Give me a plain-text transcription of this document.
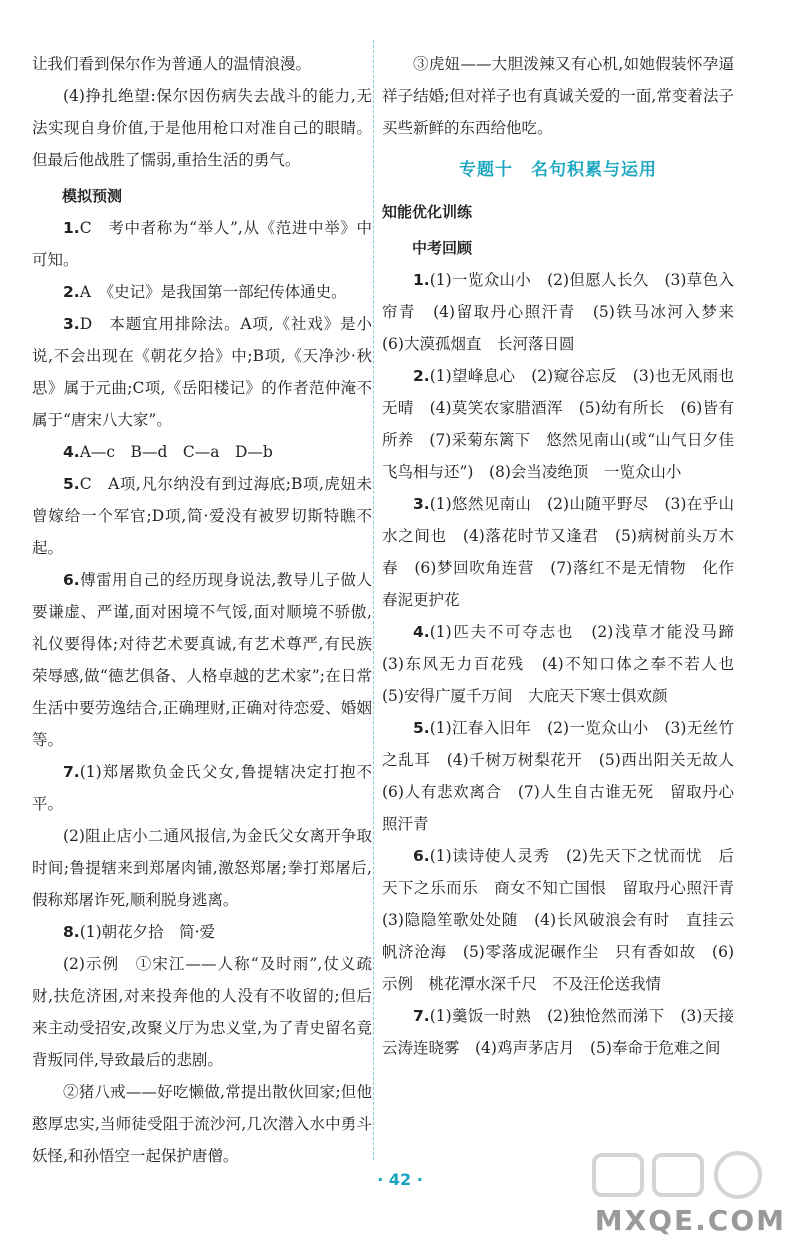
让我们看到保尔作为普通人的温情浪漫。

(4)挣扎绝望:保尔因伤病失去战斗的能力,无法实现自身价值,于是他用枪口对准自己的眼睛。但最后他战胜了懦弱,重拾生活的勇气。

模拟预测

1.C　考中者称为“举人”,从《范进中举》中可知。

2.A　《史记》是我国第一部纪传体通史。

3.D　本题宜用排除法。A项,《社戏》是小说,不会出现在《朝花夕拾》中;B项,《天净沙·秋思》属于元曲;C项,《岳阳楼记》的作者范仲淹不属于“唐宋八大家”。

4.A—c　B—d　C—a　D—b

5.C　A项,凡尔纳没有到过海底;B项,虎妞未曾嫁给一个军官;D项,简·爱没有被罗切斯特瞧不起。

6.傅雷用自己的经历现身说法,教导儿子做人要谦虚、严谨,面对困境不气馁,面对顺境不骄傲,礼仪要得体;对待艺术要真诚,有艺术尊严,有民族荣辱感,做“德艺俱备、人格卓越的艺术家”;在日常生活中要劳逸结合,正确理财,正确对待恋爱、婚姻等。

7.(1)郑屠欺负金氏父女,鲁提辖决定打抱不平。

(2)阻止店小二通风报信,为金氏父女离开争取时间;鲁提辖来到郑屠肉铺,激怒郑屠;拳打郑屠后,假称郑屠诈死,顺利脱身逃离。

8.(1)朝花夕拾　简·爱

(2)示例　①宋江——人称“及时雨”,仗义疏财,扶危济困,对来投奔他的人没有不收留的;但后来主动受招安,改聚义厅为忠义堂,为了青史留名竟背叛同伴,导致最后的悲剧。

②猪八戒——好吃懒做,常提出散伙回家;但他憨厚忠实,当师徒受阻于流沙河,几次潜入水中勇斗妖怪,和孙悟空一起保护唐僧。

③虎妞——大胆泼辣又有心机,如她假装怀孕逼祥子结婚;但对祥子也有真诚关爱的一面,常变着法子买些新鲜的东西给他吃。

专题十　名句积累与运用

知能优化训练

中考回顾

1.(1)一览众山小　(2)但愿人长久　(3)草色入帘青　(4)留取丹心照汗青　(5)铁马冰河入梦来　(6)大漠孤烟直　长河落日圆

2.(1)望峰息心　(2)窥谷忘反　(3)也无风雨也无晴　(4)莫笑农家腊酒浑　(5)幼有所长　(6)皆有所养　(7)采菊东篱下　悠然见南山(或“山气日夕佳　飞鸟相与还”)　(8)会当凌绝顶　一览众山小

3.(1)悠然见南山　(2)山随平野尽　(3)在乎山水之间也　(4)落花时节又逢君　(5)病树前头万木春　(6)梦回吹角连营　(7)落红不是无情物　化作春泥更护花

4.(1)匹夫不可夺志也　(2)浅草才能没马蹄　(3)东风无力百花残　(4)不知口体之奉不若人也　(5)安得广厦千万间　大庇天下寒士俱欢颜

5.(1)江春入旧年　(2)一览众山小　(3)无丝竹之乱耳　(4)千树万树梨花开　(5)西出阳关无故人　(6)人有悲欢离合　(7)人生自古谁无死　留取丹心照汗青

6.(1)读诗使人灵秀　(2)先天下之忧而忧　后天下之乐而乐　商女不知亡国恨　留取丹心照汗青　(3)隐隐笙歌处处随　(4)长风破浪会有时　直挂云帆济沧海　(5)零落成泥碾作尘　只有香如故　(6)示例　桃花潭水深千尺　不及汪伦送我情

7.(1)羹饭一时熟　(2)独怆然而涕下　(3)天接云涛连晓雾　(4)鸡声茅店月　(5)奉命于危难之间

· 42 ·
MXQE.COM
